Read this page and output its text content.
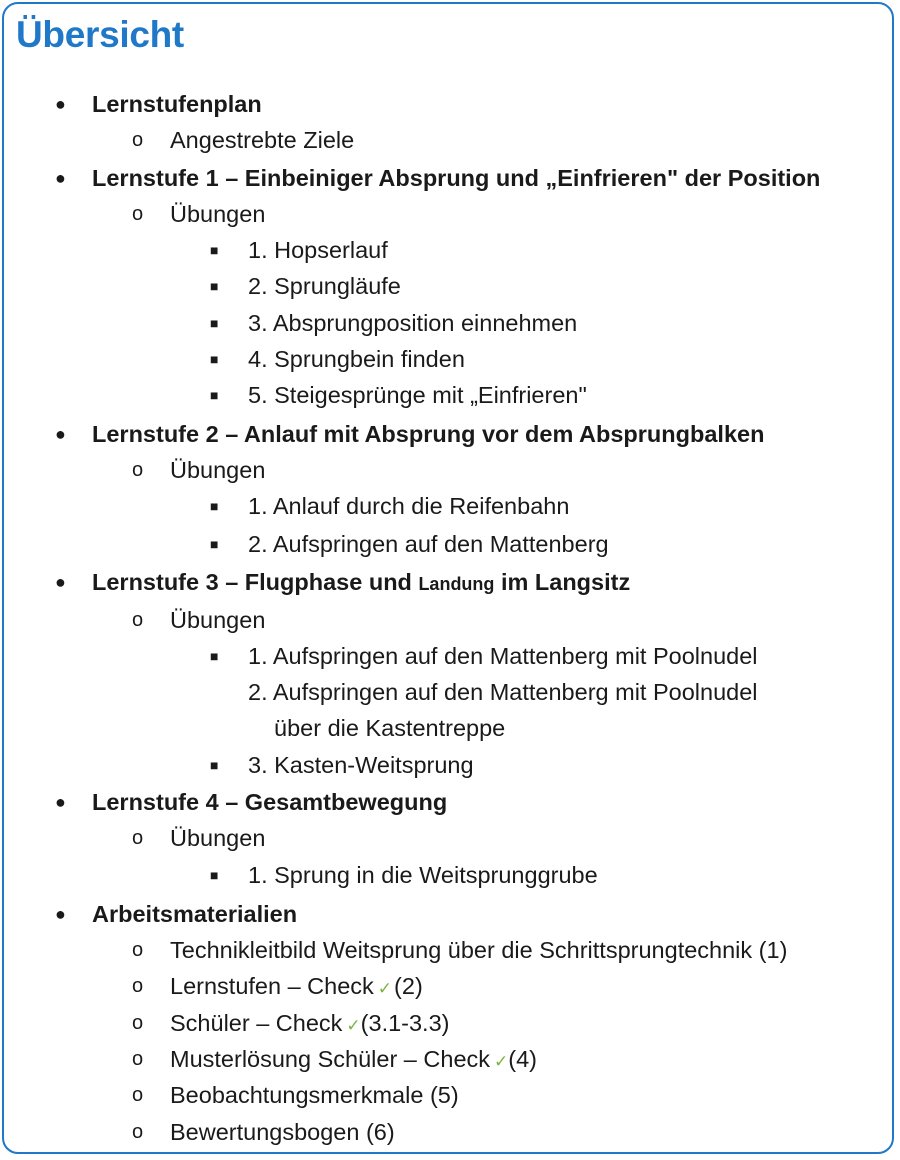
Übersicht
● Lernstufenplan
o Angestrebte Ziele
● Lernstufe 1 – Einbeiniger Absprung und „Einfrieren" der Position
o Übungen
■ 1. Hopserlauf
■ 2. Sprungläufe
■ 3. Absprungposition einnehmen
■ 4. Sprungbein finden
■ 5. Steigesprünge mit „Einfrieren"
● Lernstufe 2 – Anlauf mit Absprung vor dem Absprungbalken
o Übungen
■ 1. Anlauf durch die Reifenbahn
■ 2. Aufspringen auf den Mattenberg
● Lernstufe 3 – Flugphase und Landung im Langsitz
o Übungen
■ 1. Aufspringen auf den Mattenberg mit Poolnudel
2. Aufspringen auf den Mattenberg mit Poolnudel
über die Kastentreppe
■ 3. Kasten-Weitsprung
● Lernstufe 4 – Gesamtbewegung
o Übungen
■ 1. Sprung in die Weitsprunggrube
● Arbeitsmaterialien
o Technikleitbild Weitsprung über die Schrittsprungtechnik (1)
o Lernstufen – Check ✓(2)
o Schüler – Check ✓(3.1-3.3)
o Musterlösung Schüler – Check ✓(4)
o Beobachtungsmerkmale (5)
o Bewertungsbogen (6)
